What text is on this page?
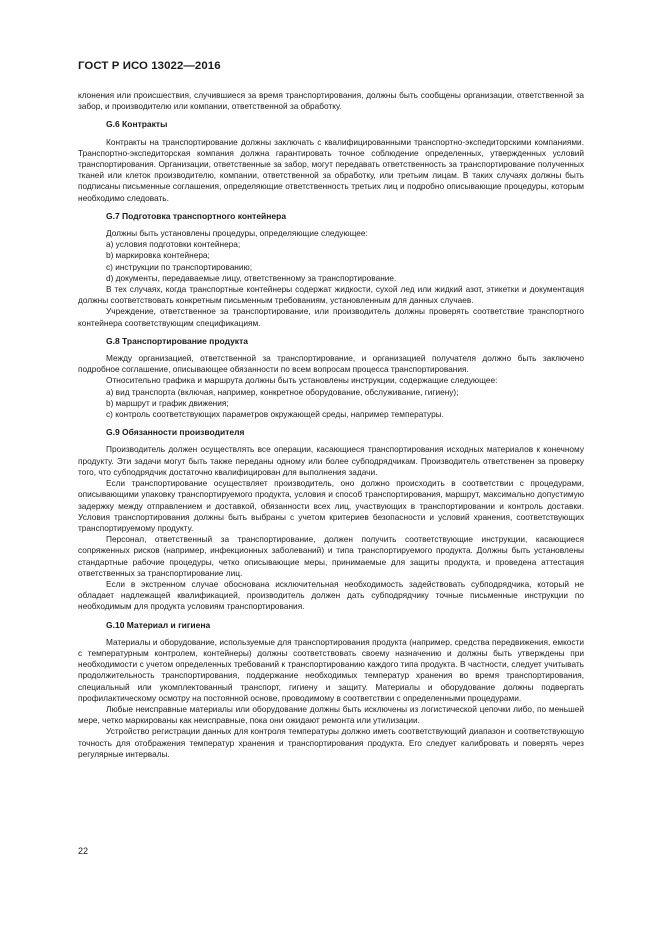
ГОСТ Р ИСО 13022—2016

клонения или происшествия, случившиеся за время транспортирования, должны быть сообщены организации, ответственной за забор, и производителю или компании, ответственной за обработку.

G.6 Контракты

Контракты на транспортирование должны заключать с квалифицированными транспортно-экспедиторскими компаниями. Транспортно-экспедиторская компания должна гарантировать точное соблюдение определенных, утвержденных условий транспортирования. Организации, ответственные за забор, могут передавать ответственность за транспортирование полученных тканей или клеток производителю, компании, ответственной за обработку, или третьим лицам. В таких случаях должны быть подписаны письменные соглашения, определяющие ответственность третьих лиц и подробно описывающие процедуры, которым необходимо следовать.

G.7 Подготовка транспортного контейнера

Должны быть установлены процедуры, определяющие следующее:

a) условия подготовки контейнера;

b) маркировка контейнера;

c) инструкции по транспортированию;

d) документы, передаваемые лицу, ответственному за транспортирование.

В тех случаях, когда транспортные контейнеры содержат жидкости, сухой лед или жидкий азот, этикетки и документация должны соответствовать конкретным письменным требованиям, установленным для данных случаев.

Учреждение, ответственное за транспортирование, или производитель должны проверять соответствие транспортного контейнера соответствующим спецификациям.

G.8 Транспортирование продукта

Между организацией, ответственной за транспортирование, и организацией получателя должно быть заключено подробное соглашение, описывающее обязанности по всем вопросам процесса транспортирования.

Относительно графика и маршрута должны быть установлены инструкции, содержащие следующее:

a) вид транспорта (включая, например, конкретное оборудование, обслуживание, гигиену);

b) маршрут и график движения;

c) контроль соответствующих параметров окружающей среды, например температуры.

G.9 Обязанности производителя

Производитель должен осуществлять все операции, касающиеся транспортирования исходных материалов к конечному продукту. Эти задачи могут быть также переданы одному или более субподрядчикам. Производитель ответственен за проверку того, что субподрядчик достаточно квалифицирован для выполнения задачи.

Если транспортирование осуществляет производитель, оно должно происходить в соответствии с процедурами, описывающими упаковку транспортируемого продукта, условия и способ транспортирования, маршрут, максимально допустимую задержку между отправлением и доставкой, обязанности всех лиц, участвующих в транспортировании и контроль доставки. Условия транспортирования должны быть выбраны с учетом критериев безопасности и условий хранения, соответствующих транспортируемому продукту.

Персонал, ответственный за транспортирование, должен получить соответствующие инструкции, касающиеся сопряженных рисков (например, инфекционных заболеваний) и типа транспортируемого продукта. Должны быть установлены стандартные рабочие процедуры, четко описывающие меры, принимаемые для защиты продукта, и проведена аттестация ответственных за транспортирование лиц.

Если в экстренном случае обоснована исключительная необходимость задействовать субподрядчика, который не обладает надлежащей квалификацией, производитель должен дать субподрядчику точные письменные инструкции по необходимым для продукта условиям транспортирования.

G.10 Материал и гигиена

Материалы и оборудование, используемые для транспортирования продукта (например, средства передвижения, емкости с температурным контролем, контейнеры) должны соответствовать своему назначению и должны быть утверждены при необходимости с учетом определенных требований к транспортированию каждого типа продукта. В частности, следует учитывать продолжительность транспортирования, поддержание необходимых температур хранения во время транспортирования, специальный или укомплектованный транспорт, гигиену и защиту. Материалы и оборудование должны подвергать профилактическому осмотру на постоянной основе, проводимому в соответствии с определенными процедурами.

Любые неисправные материалы или оборудование должны быть исключены из логистической цепочки либо, по меньшей мере, четко маркированы как неисправные, пока они ожидают ремонта или утилизации.

Устройство регистрации данных для контроля температуры должно иметь соответствующий диапазон и соответствующую точность для отображения температур хранения и транспортирования продукта. Его следует калибровать и поверять через регулярные интервалы.

22
